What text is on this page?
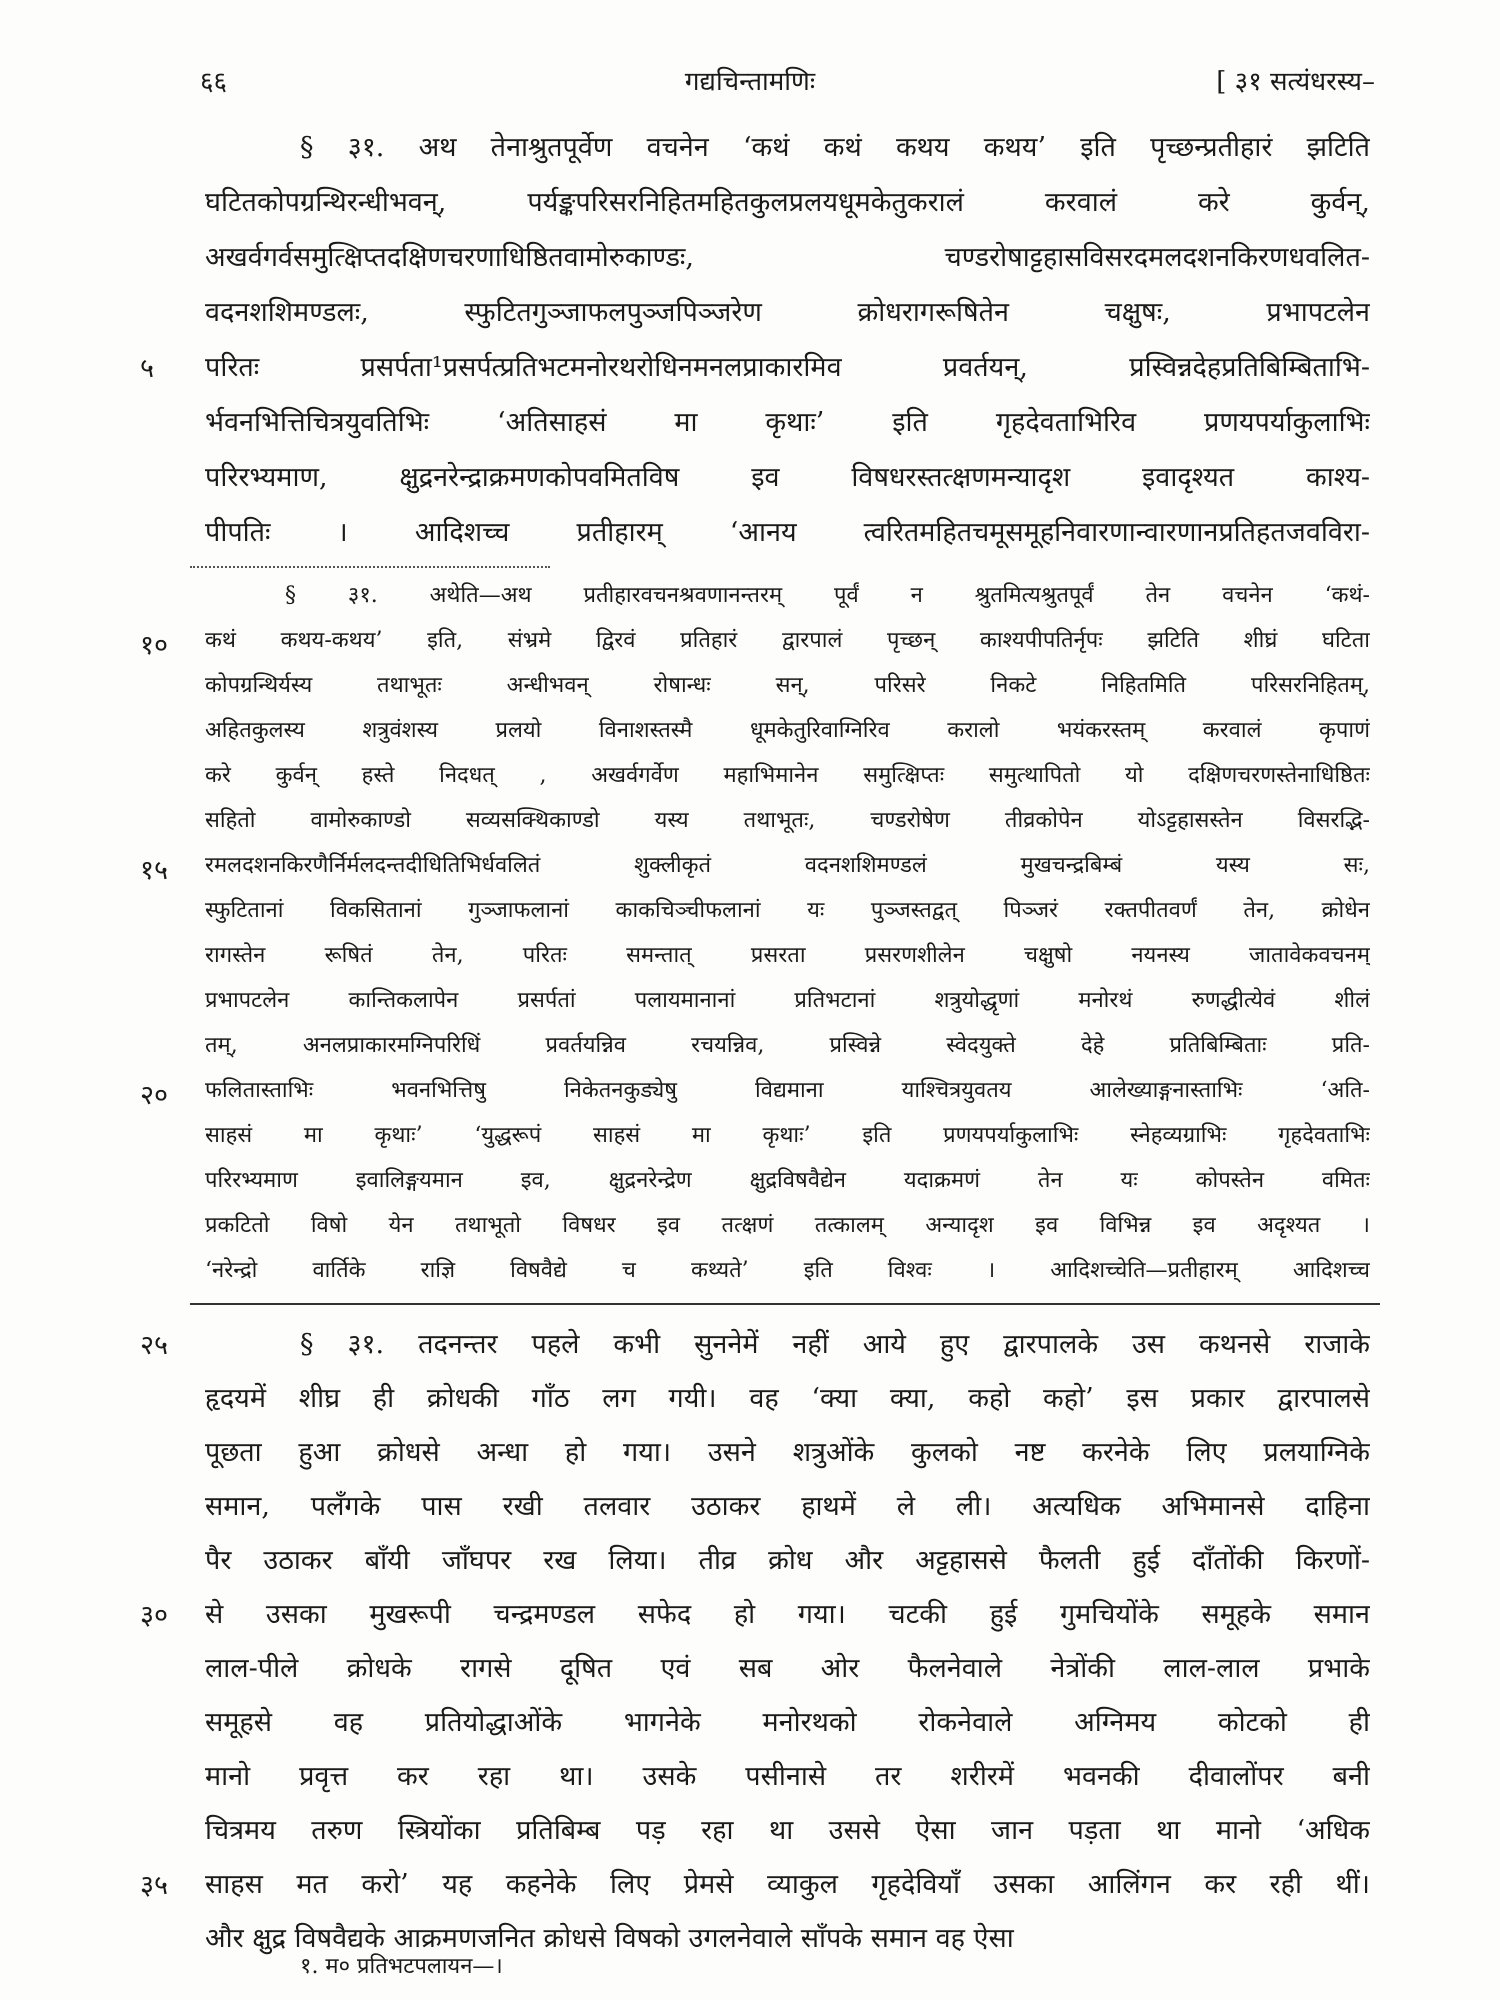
६६	गद्यचिन्तामणिः	[ ३१ सत्यंधरस्य–
§ ३१. अथ तेनाश्रुतपूर्वेण वचनेन ‘कथं कथं कथय कथय’ इति पृच्छन्प्रतीहारं झटिति
घटितकोपग्रन्थिरन्धीभवन्, पर्यङ्कपरिसरनिहितमहितकुलप्रलयधूमकेतुकरालं करवालं करे कुर्वन्,
अखर्वगर्वसमुत्क्षिप्तदक्षिणचरणाधिष्ठितवामोरुकाण्डः, चण्डरोषाट्टहासविसरदमलदशनकिरणधवलित-
वदनशशिमण्डलः, स्फुटितगुञ्जाफलपुञ्जपिञ्जरेण क्रोधरागरूषितेन चक्षुषः, प्रभापटलेन
परितः प्रसर्पता¹प्रसर्पत्प्रतिभटमनोरथरोधिनमनलप्राकारमिव प्रवर्तयन्, प्रस्विन्नदेहप्रतिबिम्बिताभि-
र्भवनभित्तिचित्रयुवतिभिः ‘अतिसाहसं मा कृथाः’ इति गृहदेवताभिरिव प्रणयपर्याकुलाभिः
परिरभ्यमाण, क्षुद्रनरेन्द्राक्रमणकोपवमितविष इव विषधरस्तत्क्षणमन्यादृश इवादृश्यत काश्य-
पीपतिः । आदिशच्च प्रतीहारम् ‘आनय त्वरितमहितचमूसमूहनिवारणान्वारणानप्रतिहतजवविरा-
§ ३१. अथेति—अथ प्रतीहारवचनश्रवणानन्तरम् पूर्वं न श्रुतमित्यश्रुतपूर्वं तेन वचनेन ‘कथं-
कथं कथय-कथय’ इति, संभ्रमे द्विरवं प्रतिहारं द्वारपालं पृच्छन् काश्यपीपतिर्नृपः झटिति शीघ्रं घटिता
कोपग्रन्थिर्यस्य तथाभूतः अन्धीभवन् रोषान्धः सन्, परिसरे निकटे निहितमिति परिसरनिहितम्,
अहितकुलस्य शत्रुवंशस्य प्रलयो विनाशस्तस्मै धूमकेतुरिवाग्निरिव करालो भयंकरस्तम् करवालं कृपाणं
करे कुर्वन् हस्ते निदधत् , अखर्वगर्वेण महाभिमानेन समुत्क्षिप्तः समुत्थापितो यो दक्षिणचरणस्तेनाधिष्ठितः
सहितो वामोरुकाण्डो सव्यसक्थिकाण्डो यस्य तथाभूतः, चण्डरोषेण तीव्रकोपेन योऽट्टहासस्तेन विसरद्भि-
रमलदशनकिरणैर्निर्मलदन्तदीधितिभिर्धवलितं शुक्लीकृतं वदनशशिमण्डलं मुखचन्द्रबिम्बं यस्य सः,
स्फुटितानां विकसितानां गुञ्जाफलानां काकचिञ्चीफलानां यः पुञ्जस्तद्वत् पिञ्जरं रक्तपीतवर्णं तेन, क्रोधेन
रागस्तेन रूषितं तेन, परितः समन्तात् प्रसरता प्रसरणशीलेन चक्षुषो नयनस्य जातावेकवचनम्
प्रभापटलेन कान्तिकलापेन प्रसर्पतां पलायमानानां प्रतिभटानां शत्रुयोद्धृणां मनोरथं रुणद्धीत्येवं शीलं
तम्, अनलप्राकारमग्निपरिधिं प्रवर्तयन्निव रचयन्निव, प्रस्विन्ने स्वेदयुक्ते देहे प्रतिबिम्बिताः प्रति-
फलितास्ताभिः भवनभित्तिषु निकेतनकुड्येषु विद्यमाना याश्चित्रयुवतय आलेख्याङ्गनास्ताभिः ‘अति-
साहसं मा कृथाः’ ‘युद्धरूपं साहसं मा कृथाः’ इति प्रणयपर्याकुलाभिः स्नेहव्यग्राभिः गृहदेवताभिः
परिरभ्यमाण इवालिङ्गयमान इव, क्षुद्रनरेन्द्रेण क्षुद्रविषवैद्येन यदाक्रमणं तेन यः कोपस्तेन वमितः
प्रकटितो विषो येन तथाभूतो विषधर इव तत्क्षणं तत्कालम् अन्यादृश इव विभिन्न इव अदृश्यत ।
‘नरेन्द्रो वार्तिके राज्ञि विषवैद्ये च कथ्यते’ इति विश्वः । आदिशच्चेति—प्रतीहारम् आदिशच्च
§ ३१. तदनन्तर पहले कभी सुननेमें नहीं आये हुए द्वारपालके उस कथनसे राजाके
हृदयमें शीघ्र ही क्रोधकी गाँठ लग गयी। वह ‘क्या क्या, कहो कहो’ इस प्रकार द्वारपालसे
पूछता हुआ क्रोधसे अन्धा हो गया। उसने शत्रुओंके कुलको नष्ट करनेके लिए प्रलयाग्निके
समान, पलँगके पास रखी तलवार उठाकर हाथमें ले ली। अत्यधिक अभिमानसे दाहिना
पैर उठाकर बाँयी जाँघपर रख लिया। तीव्र क्रोध और अट्टहाससे फैलती हुई दाँतोंकी किरणों-
से उसका मुखरूपी चन्द्रमण्डल सफेद हो गया। चटकी हुई गुमचियोंके समूहके समान
लाल-पीले क्रोधके रागसे दूषित एवं सब ओर फैलनेवाले नेत्रोंकी लाल-लाल प्रभाके
समूहसे वह प्रतियोद्धाओंके भागनेके मनोरथको रोकनेवाले अग्निमय कोटको ही
मानो प्रवृत्त कर रहा था। उसके पसीनासे तर शरीरमें भवनकी दीवालोंपर बनी
चित्रमय तरुण स्त्रियोंका प्रतिबिम्ब पड़ रहा था उससे ऐसा जान पड़ता था मानो ‘अधिक
साहस मत करो’ यह कहनेके लिए प्रेमसे व्याकुल गृहदेवियाँ उसका आलिंगन कर रही थीं।
और क्षुद्र विषवैद्यके आक्रमणजनित क्रोधसे विषको उगलनेवाले साँपके समान वह ऐसा
५
१०
१५
२०
२५
३०
३५
१. म० प्रतिभटपलायन—।
